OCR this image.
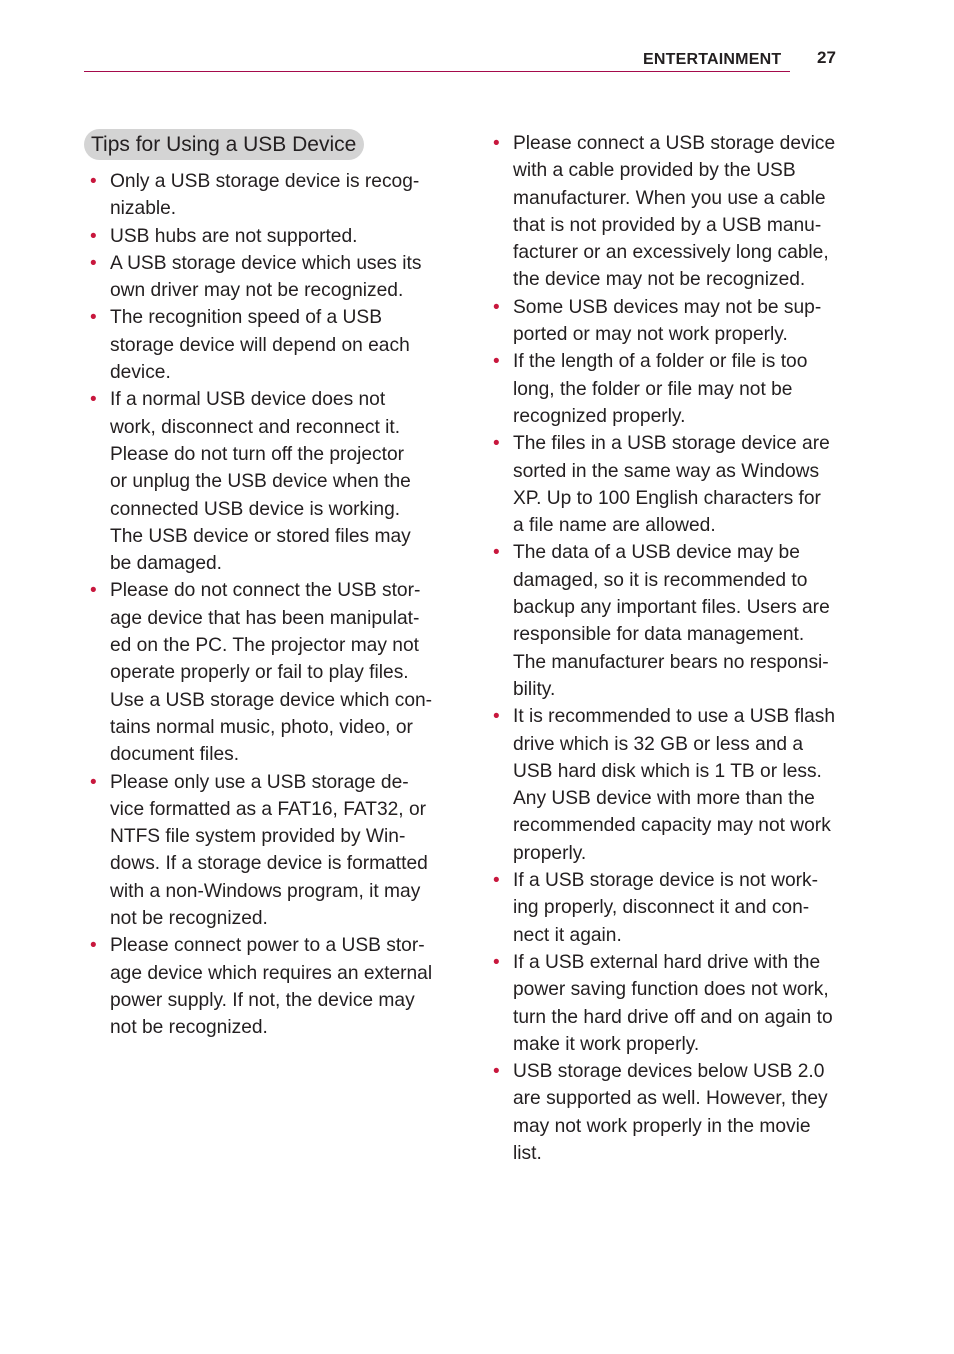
ENTERTAINMENT 27
Tips for Using a USB Device
• Only a USB storage device is recog-
nizable.
• USB hubs are not supported.
• A USB storage device which uses its
own driver may not be recognized.
• The recognition speed of a USB
storage device will depend on each
device.
• If a normal USB device does not
work, disconnect and reconnect it.
Please do not turn off the projector
or unplug the USB device when the
connected USB device is working.
The USB device or stored files may
be damaged.
• Please do not connect the USB stor-
age device that has been manipulat-
ed on the PC. The projector may not
operate properly or fail to play files.
Use a USB storage device which con-
tains normal music, photo, video, or
document files.
• Please only use a USB storage de-
vice formatted as a FAT16, FAT32, or
NTFS file system provided by Win-
dows. If a storage device is formatted
with a non-Windows program, it may
not be recognized.
• Please connect power to a USB stor-
age device which requires an external
power supply. If not, the device may
not be recognized.
• Please connect a USB storage device
with a cable provided by the USB
manufacturer. When you use a cable
that is not provided by a USB manu-
facturer or an excessively long cable,
the device may not be recognized.
• Some USB devices may not be sup-
ported or may not work properly.
• If the length of a folder or file is too
long, the folder or file may not be
recognized properly.
• The files in a USB storage device are
sorted in the same way as Windows
XP. Up to 100 English characters for
a file name are allowed.
• The data of a USB device may be
damaged, so it is recommended to
backup any important files. Users are
responsible for data management.
The manufacturer bears no responsi-
bility.
• It is recommended to use a USB flash
drive which is 32 GB or less and a
USB hard disk which is 1 TB or less.
Any USB device with more than the
recommended capacity may not work
properly.
• If a USB storage device is not work-
ing properly, disconnect it and con-
nect it again.
• If a USB external hard drive with the
power saving function does not work,
turn the hard drive off and on again to
make it work properly.
• USB storage devices below USB 2.0
are supported as well. However, they
may not work properly in the movie
list.
